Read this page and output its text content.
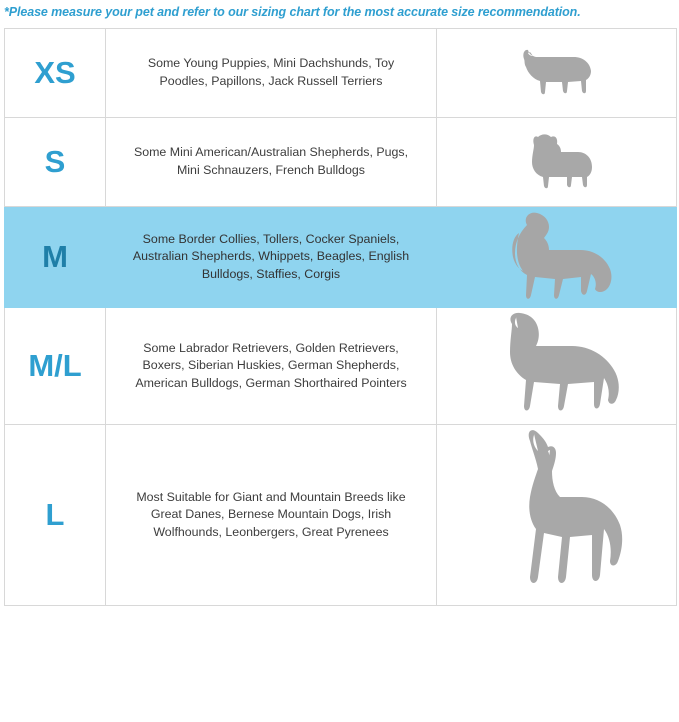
*Please measure your pet and refer to our sizing chart for the most accurate size recommendation.
XS	Some Young Puppies, Mini Dachshunds, Toy Poodles, Papillons, Jack Russell Terriers

S	Some Mini American/Australian Shepherds, Pugs, Mini Schnauzers, French Bulldogs

M	Some Border Collies, Tollers, Cocker Spaniels, Australian Shepherds, Whippets, Beagles, English Bulldogs, Staffies, Corgis

M/L	Some Labrador Retrievers, Golden Retrievers, Boxers, Siberian Huskies, German Shepherds, American Bulldogs, German Shorthaired Pointers

L	Most Suitable for Giant and Mountain Breeds like Great Danes, Bernese Mountain Dogs, Irish Wolfhounds, Leonbergers, Great Pyrenees
